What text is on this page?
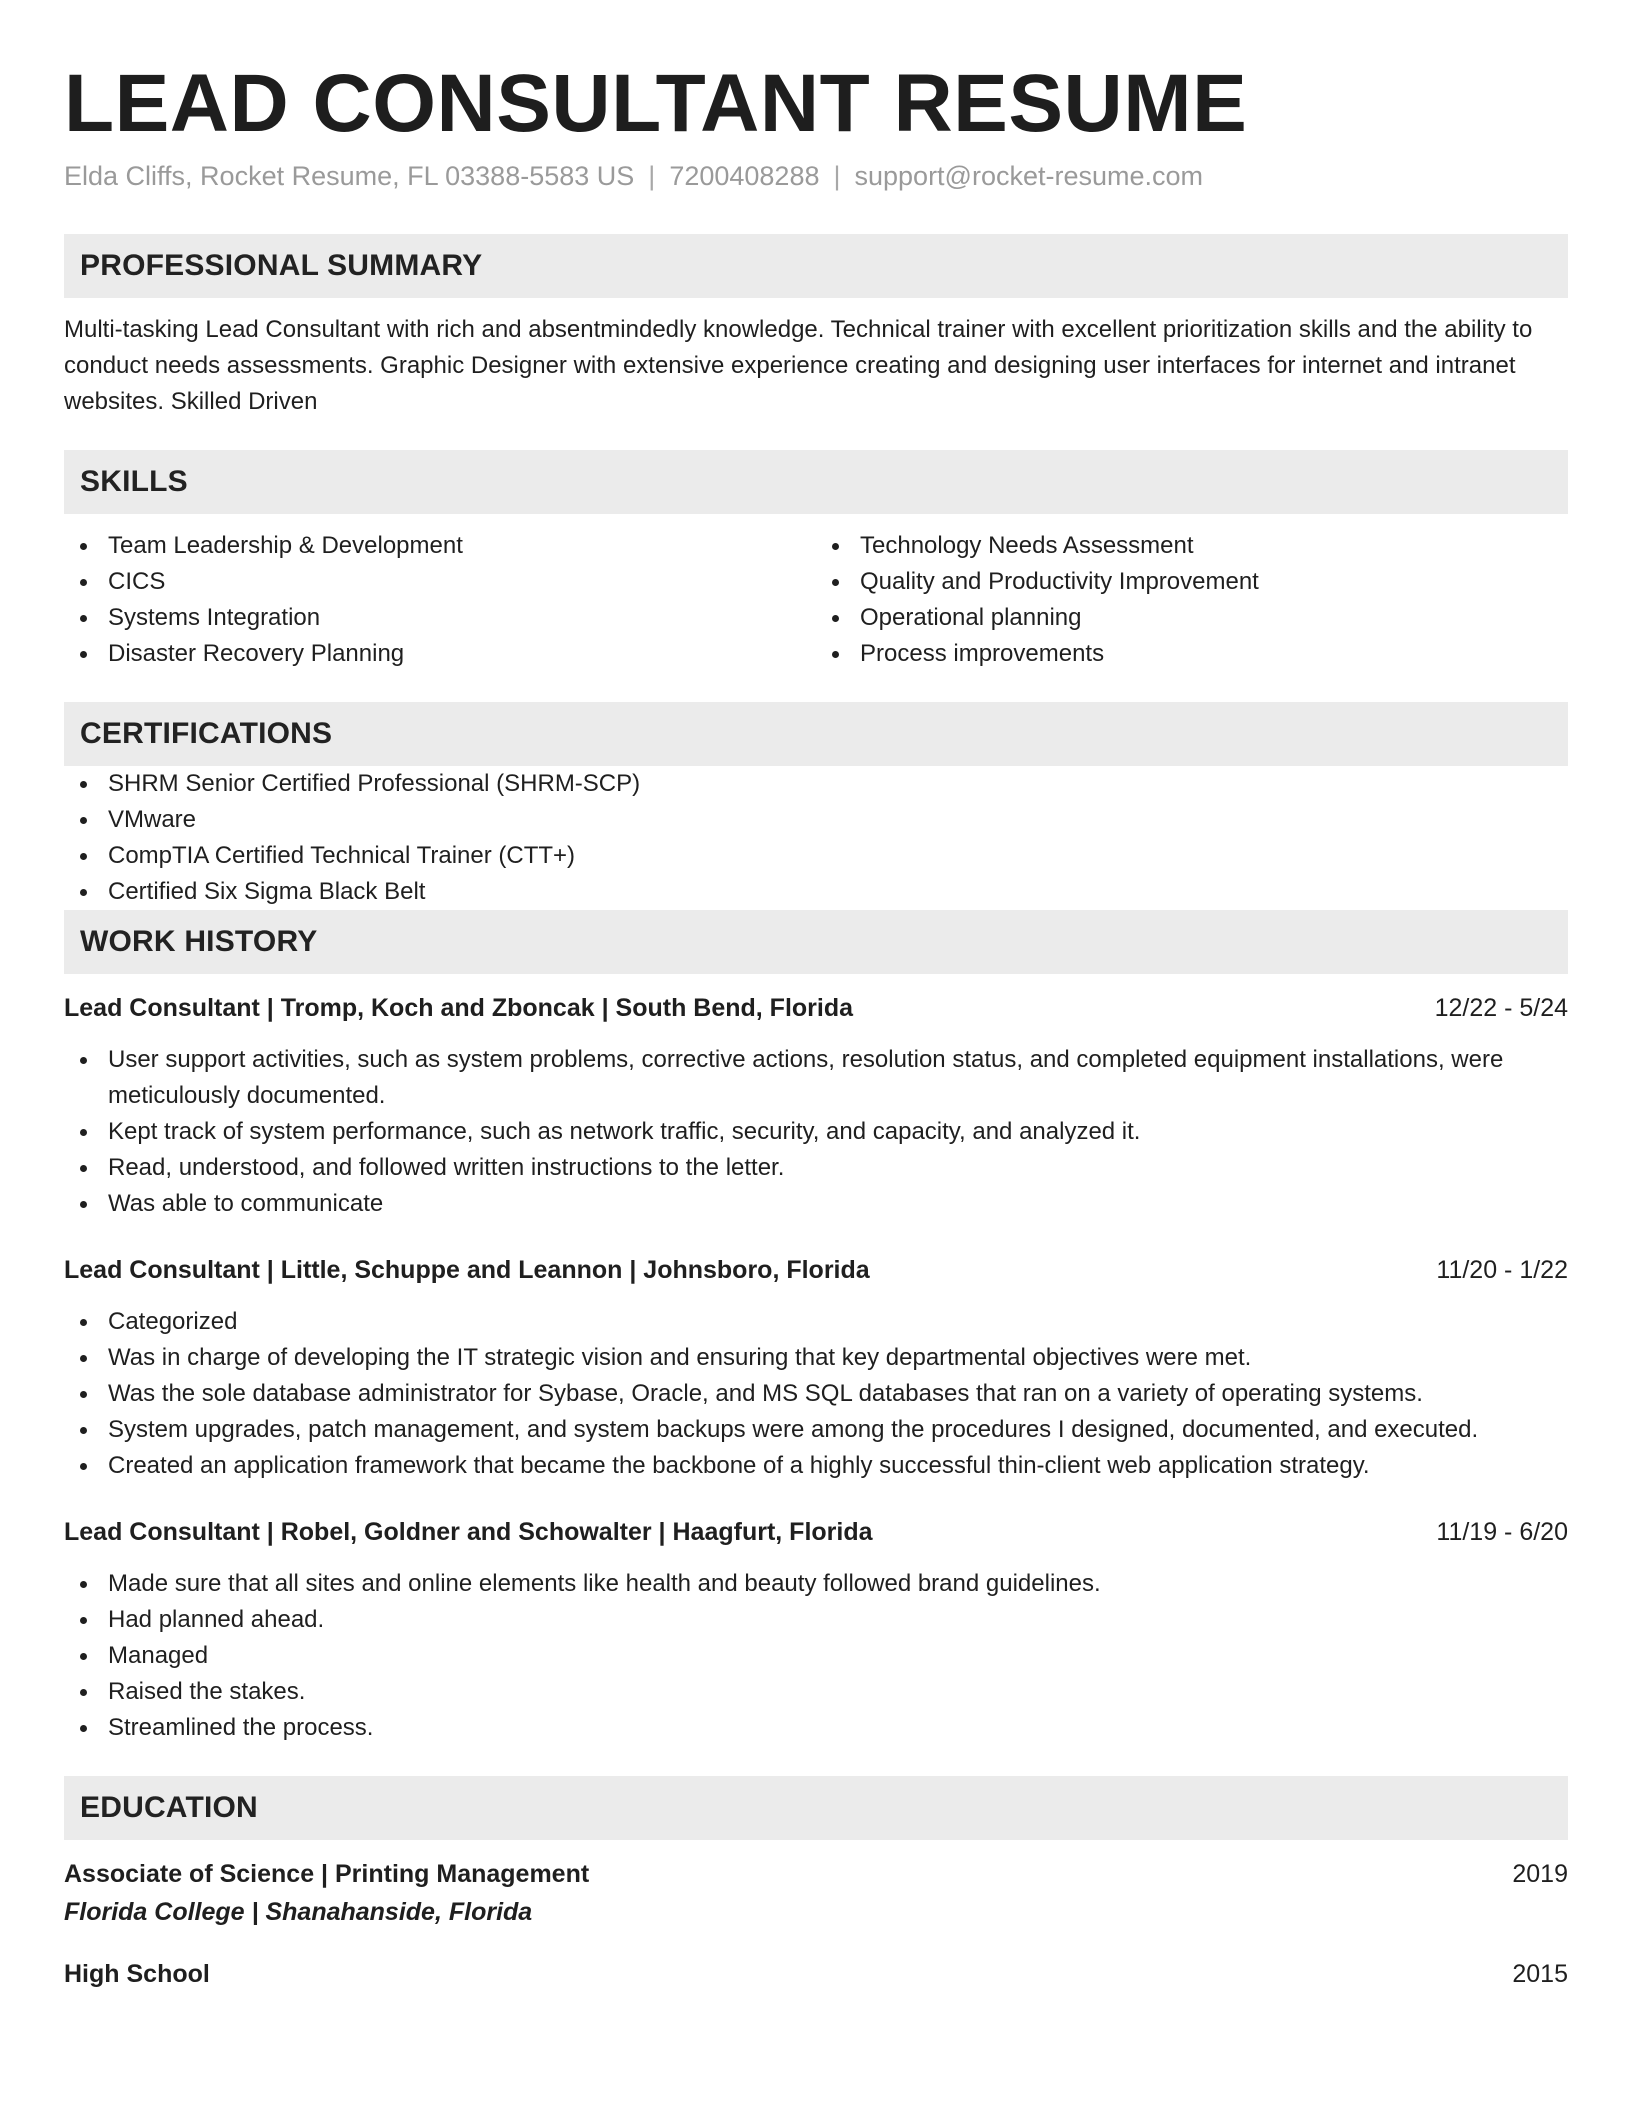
LEAD CONSULTANT RESUME
Elda Cliffs, Rocket Resume, FL 03388-5583 US | 7200408288 | support@rocket-resume.com
PROFESSIONAL SUMMARY
Multi-tasking Lead Consultant with rich and absentmindedly knowledge. Technical trainer with excellent prioritization skills and the ability to conduct needs assessments. Graphic Designer with extensive experience creating and designing user interfaces for internet and intranet websites. Skilled Driven
SKILLS
Team Leadership & Development
CICS
Systems Integration
Disaster Recovery Planning
Technology Needs Assessment
Quality and Productivity Improvement
Operational planning
Process improvements
CERTIFICATIONS
SHRM Senior Certified Professional (SHRM-SCP)
VMware
CompTIA Certified Technical Trainer (CTT+)
Certified Six Sigma Black Belt
WORK HISTORY
Lead Consultant | Tromp, Koch and Zboncak | South Bend, Florida	12/22 - 5/24
User support activities, such as system problems, corrective actions, resolution status, and completed equipment installations, were meticulously documented.
Kept track of system performance, such as network traffic, security, and capacity, and analyzed it.
Read, understood, and followed written instructions to the letter.
Was able to communicate
Lead Consultant | Little, Schuppe and Leannon | Johnsboro, Florida	11/20 - 1/22
Categorized
Was in charge of developing the IT strategic vision and ensuring that key departmental objectives were met.
Was the sole database administrator for Sybase, Oracle, and MS SQL databases that ran on a variety of operating systems.
System upgrades, patch management, and system backups were among the procedures I designed, documented, and executed.
Created an application framework that became the backbone of a highly successful thin-client web application strategy.
Lead Consultant | Robel, Goldner and Schowalter | Haagfurt, Florida	11/19 - 6/20
Made sure that all sites and online elements like health and beauty followed brand guidelines.
Had planned ahead.
Managed
Raised the stakes.
Streamlined the process.
EDUCATION
Associate of Science | Printing Management	2019
Florida College | Shanahanside, Florida
High School	2015
